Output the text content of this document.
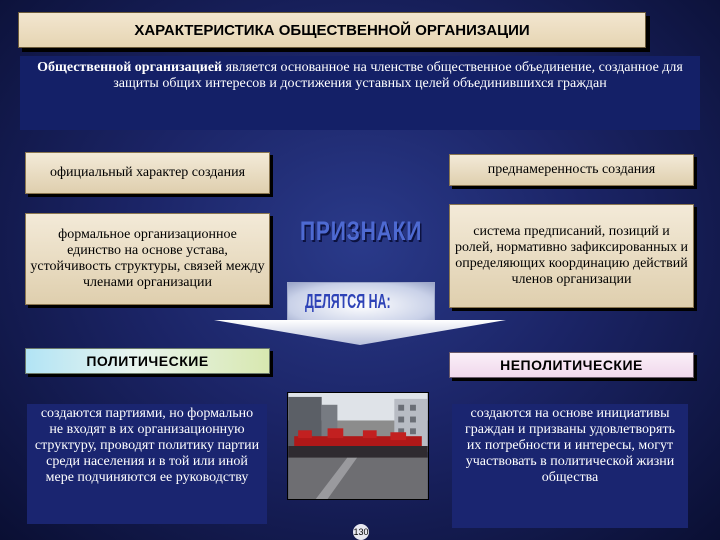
ХАРАКТЕРИСТИКА ОБЩЕСТВЕННОЙ ОРГАНИЗАЦИИ
Общественной организацией является основанное на членстве общественное объединение, созданное для защиты общих интересов и достижения уставных целей объединившихся граждан
официальный характер создания	преднамеренность создания
формальное организационное единство на основе устава, устойчивость структуры, связей между членами организации
система предписаний, позиций и ролей, нормативно зафиксированных и определяющих координацию действий членов организации
ПРИЗНАКИ
ДЕЛЯТСЯ НА:
ПОЛИТИЧЕСКИЕ	НЕПОЛИТИЧЕСКИЕ
создаются партиями, но формально не входят в их организационную структуру, проводят политику партии среди населения и в той или иной мере подчиняются ее руководству
создаются на основе инициативы граждан и призваны удовлетворять их потребности и интересы, могут участвовать в политической жизни общества
130
